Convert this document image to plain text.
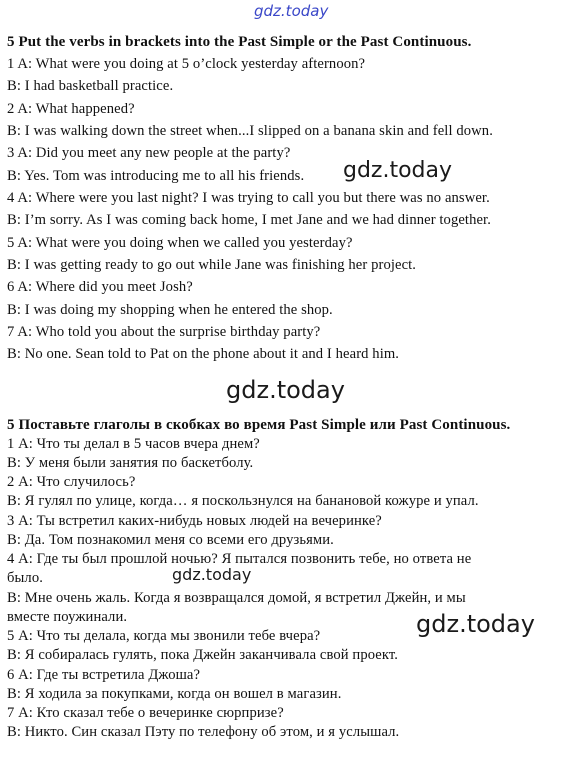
gdz.today
5 Put the verbs in brackets into the Past Simple or the Past Continuous.
1 A: What were you doing at 5 o’clock yesterday afternoon?
B: I had basketball practice.
2 A: What happened?
B: I was walking down the street when...I slipped on a banana skin and fell down.
3 A: Did you meet any new people at the party?
B: Yes. Tom was introducing me to all his friends.
4 A: Where were you last night? I was trying to call you but there was no answer.
B: I’m sorry. As I was coming back home, I met Jane and we had dinner together.
5 A: What were you doing when we called you yesterday?
B: I was getting ready to go out while Jane was finishing her project.
6 A: Where did you meet Josh?
B: I was doing my shopping when he entered the shop.
7 A: Who told you about the surprise birthday party?
B: No one. Sean told to Pat on the phone about it and I heard him.
gdz.today
gdz.today
5 Поставьте глаголы в скобках во время Past Simple или Past Continuous.
1 А: Что ты делал в 5 часов вчера днем?
В: У меня были занятия по баскетболу.
2 А: Что случилось?
В: Я гулял по улице, когда… я поскользнулся на банановой кожуре и упал.
3 А: Ты встретил каких-нибудь новых людей на вечеринке?
В: Да. Том познакомил меня со всеми его друзьями.
4 А: Где ты был прошлой ночью? Я пытался позвонить тебе, но ответа не
было.
В: Мне очень жаль. Когда я возвращался домой, я встретил Джейн, и мы
вместе поужинали.
5 А: Что ты делала, когда мы звонили тебе вчера?
В: Я собиралась гулять, пока Джейн заканчивала свой проект.
6 А: Где ты встретила Джоша?
В: Я ходила за покупками, когда он вошел в магазин.
7 А: Кто сказал тебе о вечеринке сюрпризе?
В: Никто. Син сказал Пэту по телефону об этом, и я услышал.
gdz.today
gdz.today
